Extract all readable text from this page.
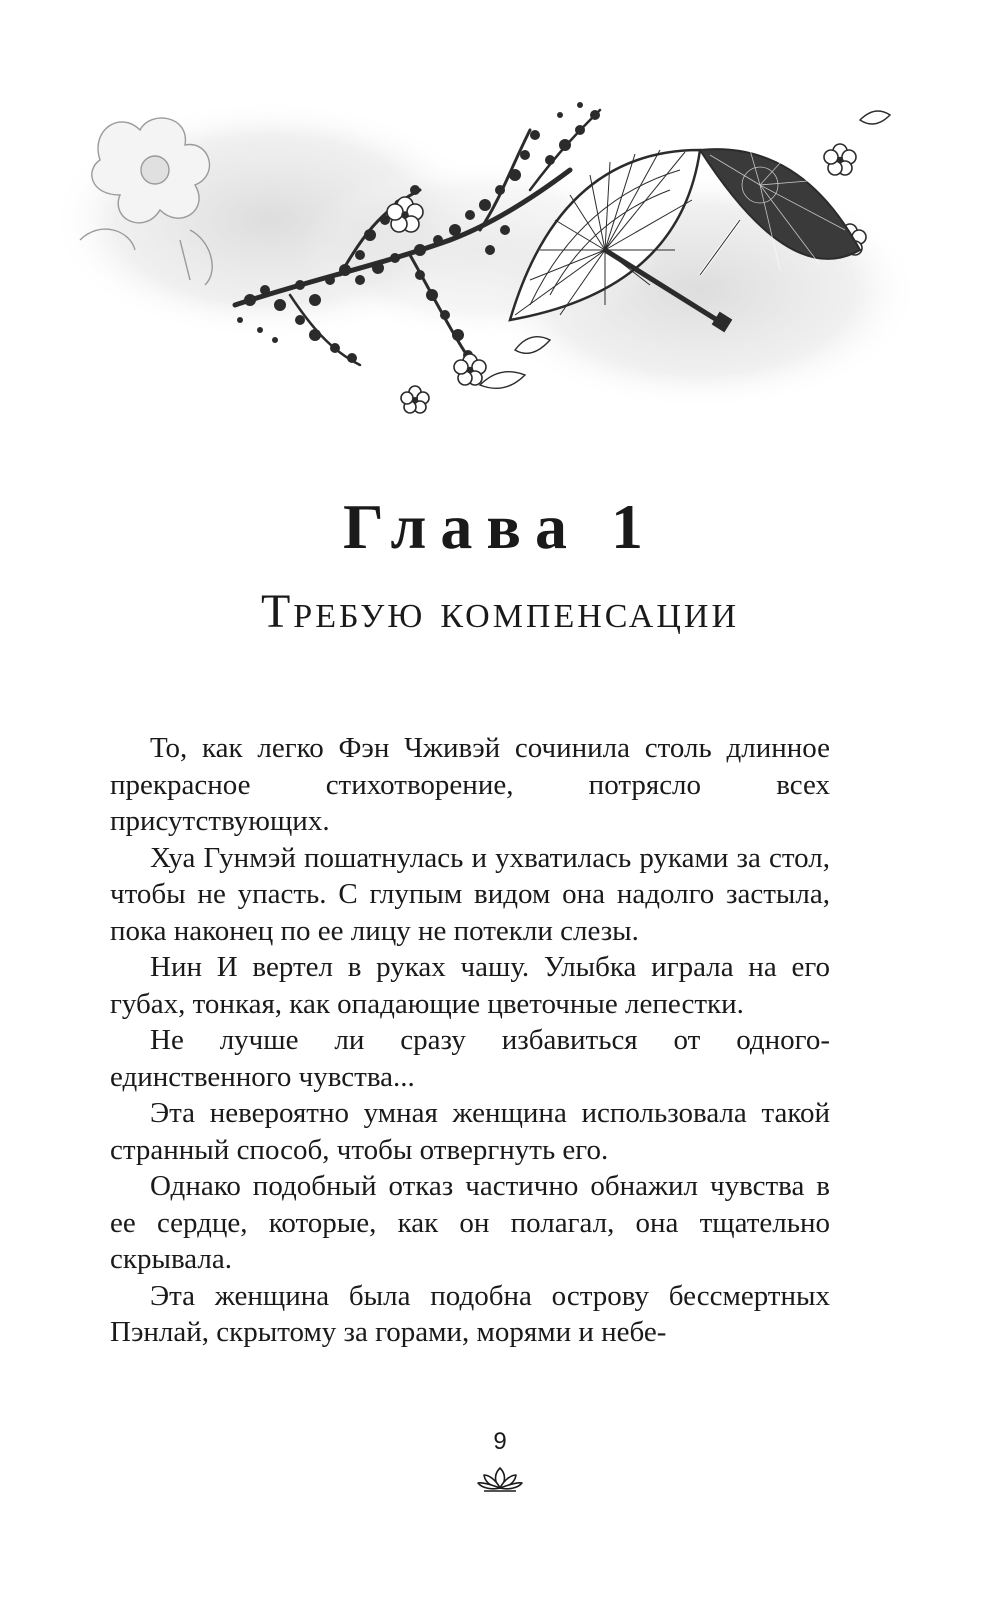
Глава 1
Требую компенсации

То, как легко Фэн Чживэй сочинила столь длинное прекрасное стихотворение, потрясло всех присутствующих.

Хуа Гунмэй пошатнулась и ухватилась руками за стол, чтобы не упасть. С глупым видом она надолго застыла, пока наконец по ее лицу не потекли слезы.

Нин И вертел в руках чашу. Улыбка играла на его губах, тонкая, как опадающие цветочные лепестки.

Не лучше ли сразу избавиться от одного-единственного чувства...

Эта невероятно умная женщина использовала такой странный способ, чтобы отвергнуть его.

Однако подобный отказ частично обнажил чувства в ее сердце, которые, как он полагал, она тщательно скрывала.

Эта женщина была подобна острову бессмертных Пэнлай, скрытому за горами, морями и небе-

9
